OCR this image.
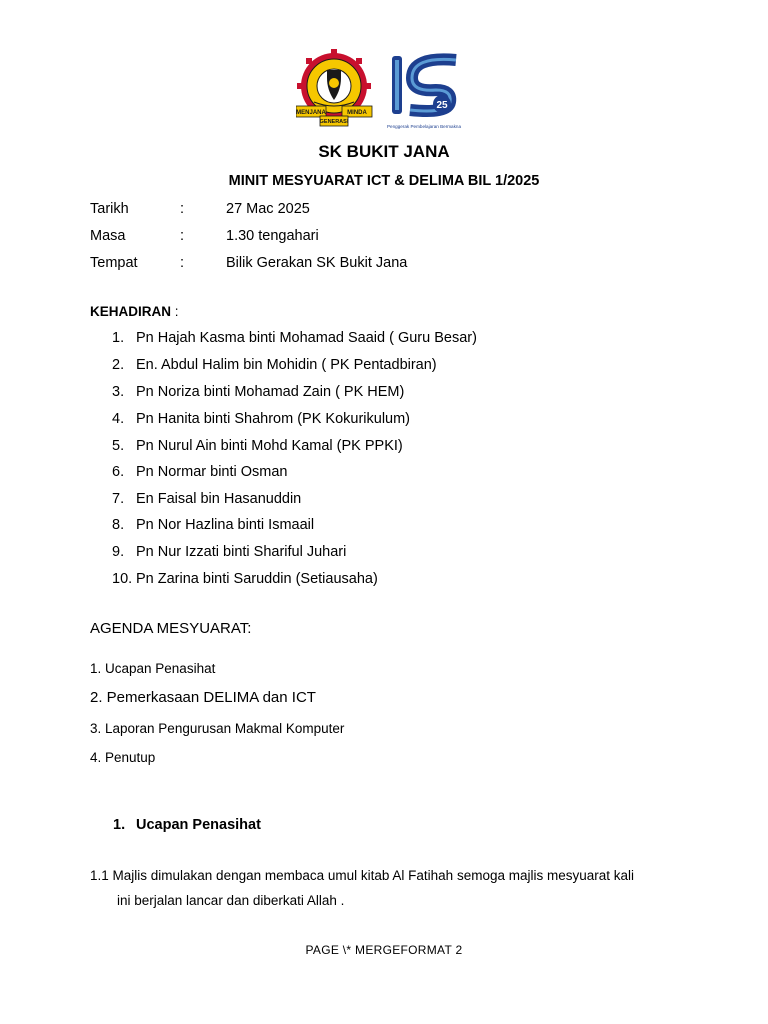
MENJANA	MINDA
GENERASI
25
Penggerak Pembelajaran Bermakna
SK BUKIT JANA
MINIT MESYUARAT ICT & DELIMA BIL 1/2025
Tarikh	:	27 Mac 2025
Masa	:	1.30 tengahari
Tempat	:	Bilik Gerakan SK Bukit Jana
KEHADIRAN :
1. Pn Hajah Kasma binti Mohamad Saaid ( Guru Besar)
2. En. Abdul Halim bin Mohidin ( PK Pentadbiran)
3. Pn Noriza binti Mohamad Zain ( PK HEM)
4. Pn Hanita binti Shahrom (PK Kokurikulum)
5. Pn Nurul Ain binti Mohd Kamal (PK PPKI)
6. Pn Normar binti Osman
7. En Faisal bin Hasanuddin
8. Pn Nor Hazlina binti Ismaail
9. Pn Nur Izzati binti Shariful Juhari
10. Pn Zarina binti Saruddin (Setiausaha)
AGENDA MESYUARAT:
1. Ucapan Penasihat
2. Pemerkasaan DELIMA dan ICT
3. Laporan Pengurusan Makmal Komputer
4. Penutup
1. Ucapan Penasihat
1.1 Majlis dimulakan dengan membaca umul kitab Al Fatihah semoga majlis mesyuarat kali
ini berjalan lancar dan diberkati Allah .
PAGE \* MERGEFORMAT 2
